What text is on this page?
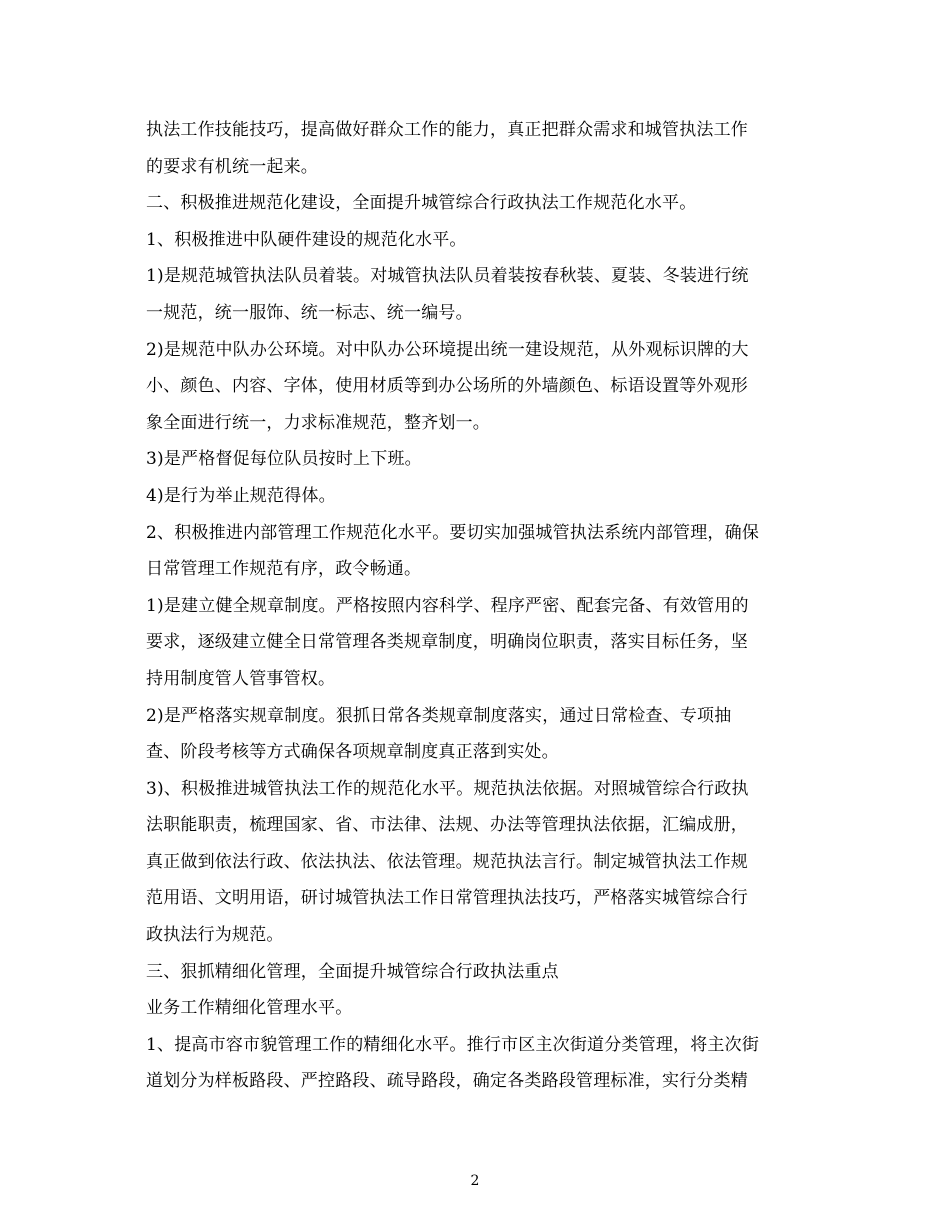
执法工作技能技巧，提高做好群众工作的能力，真正把群众需求和城管执法工作
的要求有机统一起来。
二、积极推进规范化建设，全面提升城管综合行政执法工作规范化水平。
1、积极推进中队硬件建设的规范化水平。
1)是规范城管执法队员着装。对城管执法队员着装按春秋装、夏装、冬装进行统
一规范，统一服饰、统一标志、统一编号。
2)是规范中队办公环境。对中队办公环境提出统一建设规范，从外观标识牌的大
小、颜色、内容、字体，使用材质等到办公场所的外墙颜色、标语设置等外观形
象全面进行统一，力求标准规范，整齐划一。
3)是严格督促每位队员按时上下班。
4)是行为举止规范得体。
2、积极推进内部管理工作规范化水平。要切实加强城管执法系统内部管理，确保
日常管理工作规范有序，政令畅通。
1)是建立健全规章制度。严格按照内容科学、程序严密、配套完备、有效管用的
要求，逐级建立健全日常管理各类规章制度，明确岗位职责，落实目标任务，坚
持用制度管人管事管权。
2)是严格落实规章制度。狠抓日常各类规章制度落实，通过日常检查、专项抽
查、阶段考核等方式确保各项规章制度真正落到实处。
3)、积极推进城管执法工作的规范化水平。规范执法依据。对照城管综合行政执
法职能职责，梳理国家、省、市法律、法规、办法等管理执法依据，汇编成册，
真正做到依法行政、依法执法、依法管理。规范执法言行。制定城管执法工作规
范用语、文明用语，研讨城管执法工作日常管理执法技巧，严格落实城管综合行
政执法行为规范。
三、狠抓精细化管理，全面提升城管综合行政执法重点
业务工作精细化管理水平。
1、提高市容市貌管理工作的精细化水平。推行市区主次街道分类管理，将主次街
道划分为样板路段、严控路段、疏导路段，确定各类路段管理标准，实行分类精
2
